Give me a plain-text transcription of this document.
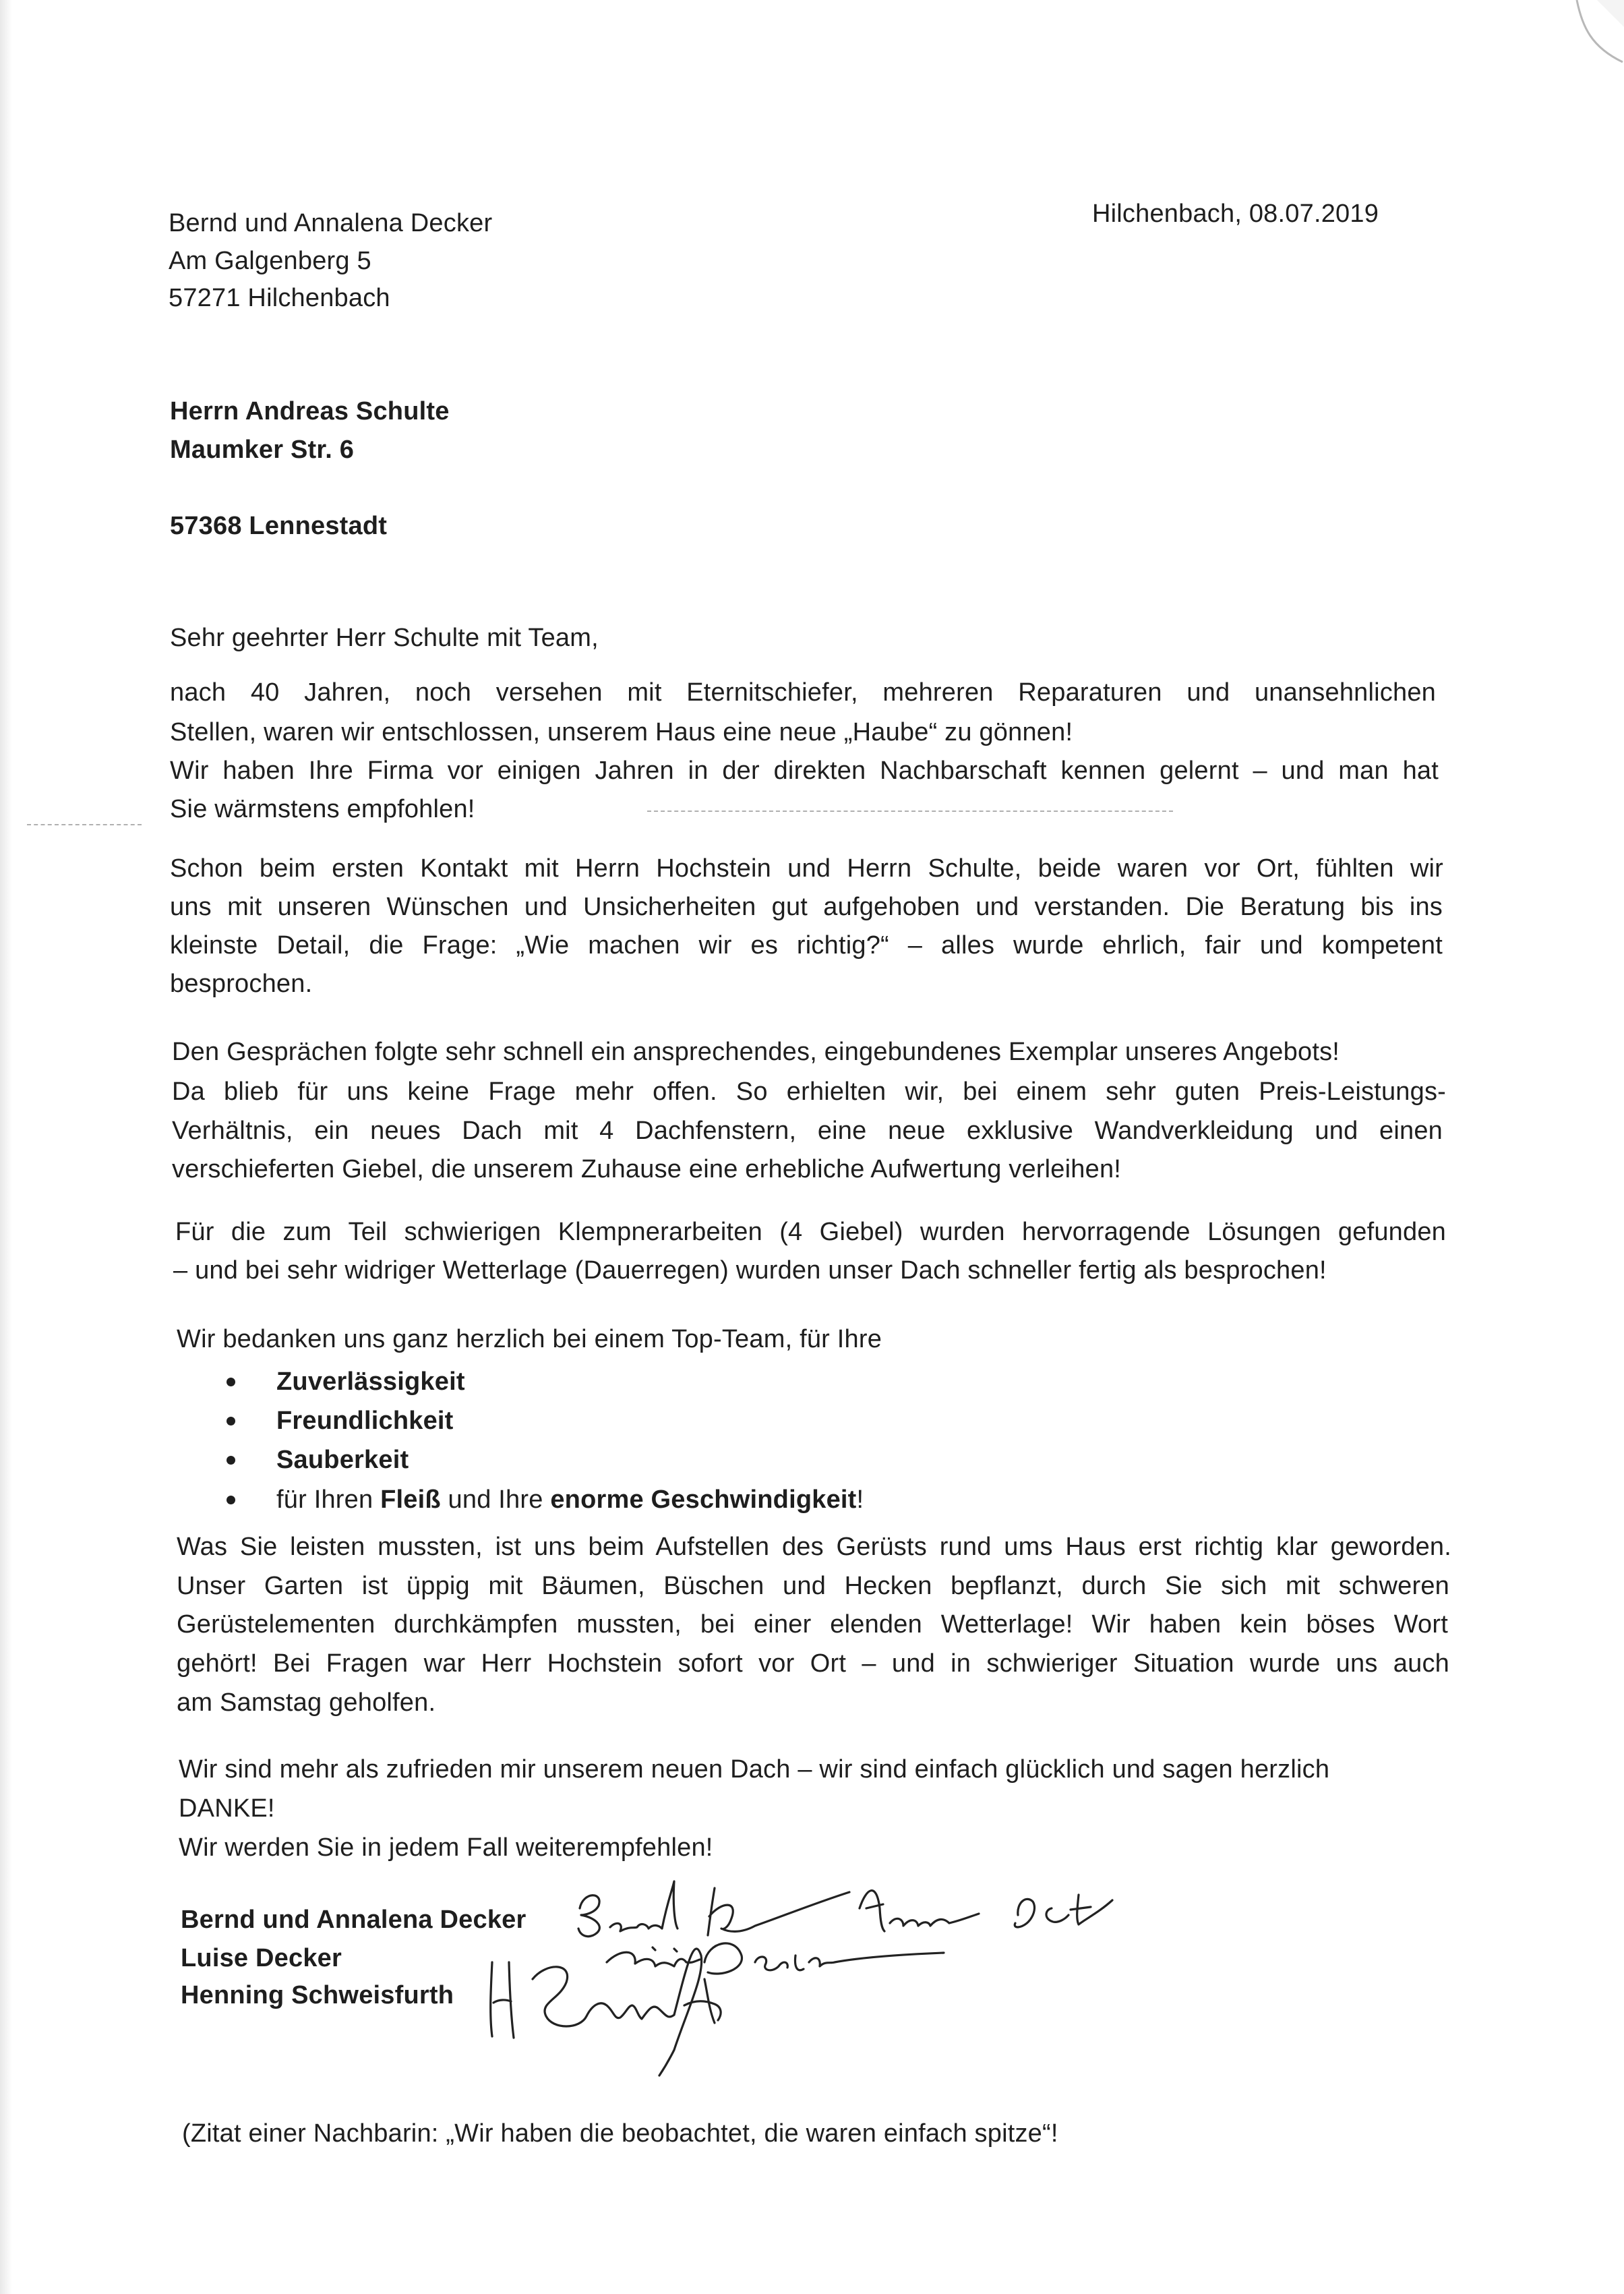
Bernd und Annalena Decker
Am Galgenberg 5
57271 Hilchenbach
Hilchenbach, 08.07.2019
Herrn Andreas Schulte
Maumker Str. 6
57368 Lennestadt
Sehr geehrter Herr Schulte mit Team,
nach 40 Jahren, noch versehen mit Eternitschiefer, mehreren Reparaturen und unansehnlichen
Stellen, waren wir entschlossen, unserem Haus eine neue „Haube“ zu gönnen!
Wir haben Ihre Firma vor einigen Jahren in der direkten Nachbarschaft kennen gelernt – und man hat
Sie wärmstens empfohlen!
Schon beim ersten Kontakt mit Herrn Hochstein und Herrn Schulte, beide waren vor Ort, fühlten wir
uns mit unseren Wünschen und Unsicherheiten gut aufgehoben und verstanden. Die Beratung bis ins
kleinste Detail, die Frage: „Wie machen wir es richtig?“ – alles wurde ehrlich, fair und kompetent
besprochen.
Den Gesprächen folgte sehr schnell ein ansprechendes, eingebundenes Exemplar unseres Angebots!
Da blieb für uns keine Frage mehr offen. So erhielten wir, bei einem sehr guten Preis-Leistungs-
Verhältnis, ein neues Dach mit 4 Dachfenstern, eine neue exklusive Wandverkleidung und einen
verschieferten Giebel, die unserem Zuhause eine erhebliche Aufwertung verleihen!
Für die zum Teil schwierigen Klempnerarbeiten (4 Giebel) wurden hervorragende Lösungen gefunden
– und bei sehr widriger Wetterlage (Dauerregen) wurden unser Dach schneller fertig als besprochen!
Wir bedanken uns ganz herzlich bei einem Top-Team, für Ihre
Zuverlässigkeit
Freundlichkeit
Sauberkeit
für Ihren Fleiß und Ihre enorme Geschwindigkeit!
Was Sie leisten mussten, ist uns beim Aufstellen des Gerüsts rund ums Haus erst richtig klar geworden.
Unser Garten ist üppig mit Bäumen, Büschen und Hecken bepflanzt, durch Sie sich mit schweren
Gerüstelementen durchkämpfen mussten, bei einer elenden Wetterlage! Wir haben kein böses Wort
gehört! Bei Fragen war Herr Hochstein sofort vor Ort – und in schwieriger Situation wurde uns auch
am Samstag geholfen.
Wir sind mehr als zufrieden mir unserem neuen Dach – wir sind einfach glücklich und sagen herzlich
DANKE!
Wir werden Sie in jedem Fall weiterempfehlen!
Bernd und Annalena Decker
Luise Decker
Henning Schweisfurth
(Zitat einer Nachbarin: „Wir haben die beobachtet, die waren einfach spitze“!
